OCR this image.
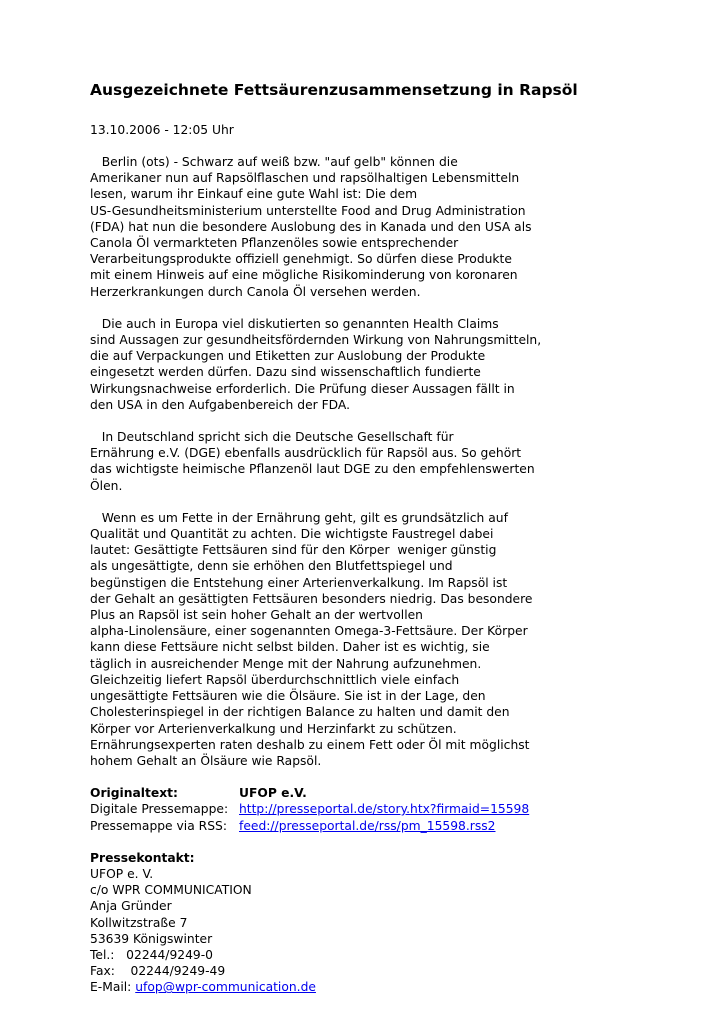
Ausgezeichnete Fettsäurenzusammensetzung in Rapsöl
13.10.2006 - 12:05 Uhr
Berlin (ots) - Schwarz auf weiß bzw. "auf gelb" können die
Amerikaner nun auf Rapsölflaschen und rapsölhaltigen Lebensmitteln
lesen, warum ihr Einkauf eine gute Wahl ist: Die dem
US-Gesundheitsministerium unterstellte Food and Drug Administration
(FDA) hat nun die besondere Auslobung des in Kanada und den USA als
Canola Öl vermarkteten Pflanzenöles sowie entsprechender
Verarbeitungsprodukte offiziell genehmigt. So dürfen diese Produkte
mit einem Hinweis auf eine mögliche Risikominderung von koronaren
Herzerkrankungen durch Canola Öl versehen werden.
Die auch in Europa viel diskutierten so genannten Health Claims
sind Aussagen zur gesundheitsfördernden Wirkung von Nahrungsmitteln,
die auf Verpackungen und Etiketten zur Auslobung der Produkte
eingesetzt werden dürfen. Dazu sind wissenschaftlich fundierte
Wirkungsnachweise erforderlich. Die Prüfung dieser Aussagen fällt in
den USA in den Aufgabenbereich der FDA.
In Deutschland spricht sich die Deutsche Gesellschaft für
Ernährung e.V. (DGE) ebenfalls ausdrücklich für Rapsöl aus. So gehört
das wichtigste heimische Pflanzenöl laut DGE zu den empfehlenswerten
Ölen.
Wenn es um Fette in der Ernährung geht, gilt es grundsätzlich auf
Qualität und Quantität zu achten. Die wichtigste Faustregel dabei
lautet: Gesättigte Fettsäuren sind für den Körper  weniger günstig
als ungesättigte, denn sie erhöhen den Blutfettspiegel und
begünstigen die Entstehung einer Arterienverkalkung. Im Rapsöl ist
der Gehalt an gesättigten Fettsäuren besonders niedrig. Das besondere
Plus an Rapsöl ist sein hoher Gehalt an der wertvollen
alpha-Linolensäure, einer sogenannten Omega-3-Fettsäure. Der Körper
kann diese Fettsäure nicht selbst bilden. Daher ist es wichtig, sie
täglich in ausreichender Menge mit der Nahrung aufzunehmen.
Gleichzeitig liefert Rapsöl überdurchschnittlich viele einfach
ungesättigte Fettsäuren wie die Ölsäure. Sie ist in der Lage, den
Cholesterinspiegel in der richtigen Balance zu halten und damit den
Körper vor Arterienverkalkung und Herzinfarkt zu schützen.
Ernährungsexperten raten deshalb zu einem Fett oder Öl mit möglichst
hohem Gehalt an Ölsäure wie Rapsöl.
Originaltext:	UFOP e.V.
Digitale Pressemappe: http://presseportal.de/story.htx?firmaid=15598
Pressemappe via RSS: feed://presseportal.de/rss/pm_15598.rss2
Pressekontakt:
UFOP e. V.
c/o WPR COMMUNICATION
Anja Gründer
Kollwitzstraße 7
53639 Königswinter
Tel.:   02244/9249-0
Fax:    02244/9249-49
E-Mail: ufop@wpr-communication.de
